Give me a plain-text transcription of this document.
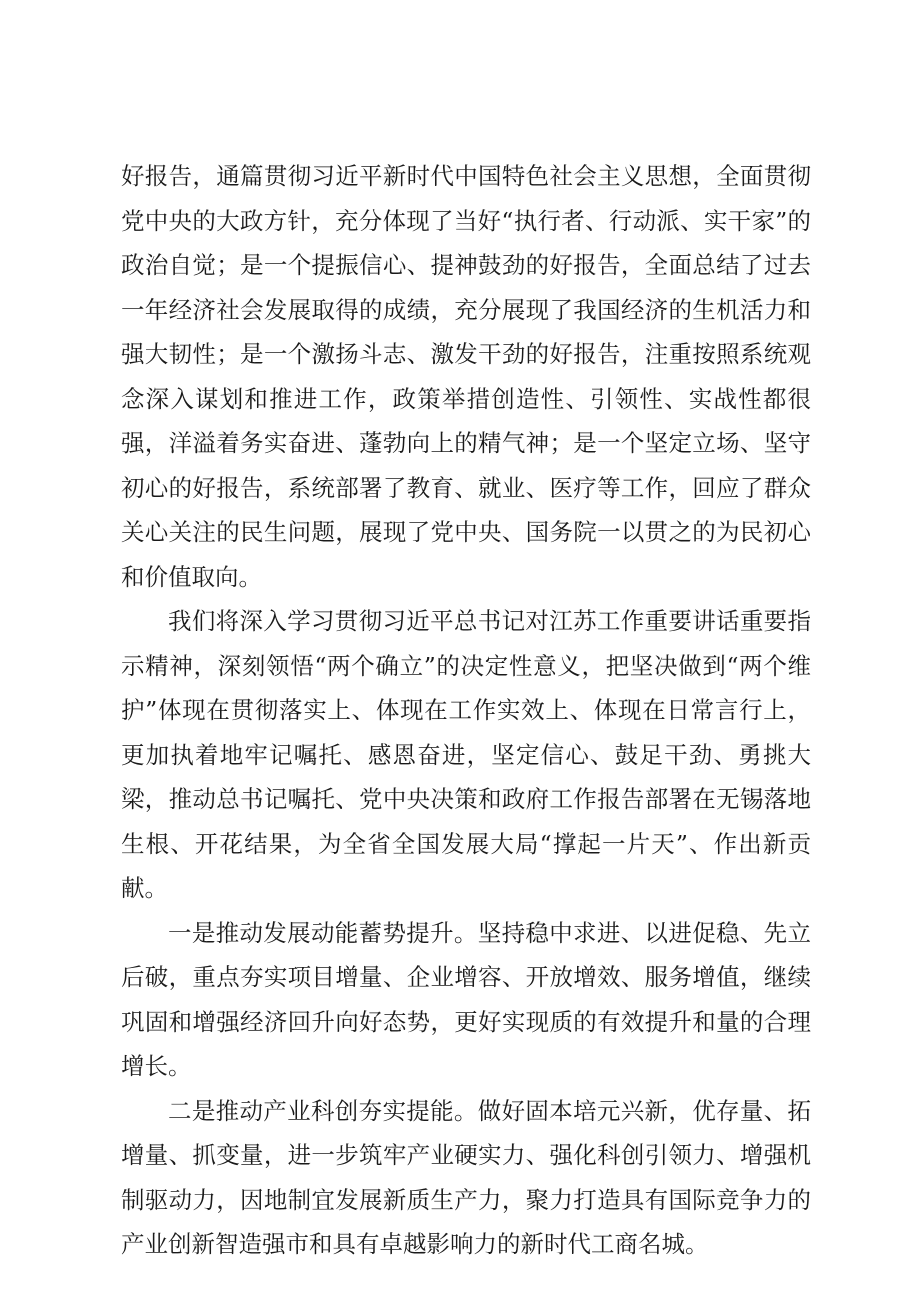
好报告，通篇贯彻习近平新时代中国特色社会主义思想，全面贯彻党中央的大政方针，充分体现了当好“执行者、行动派、实干家”的政治自觉；是一个提振信心、提神鼓劲的好报告，全面总结了过去一年经济社会发展取得的成绩，充分展现了我国经济的生机活力和强大韧性；是一个激扬斗志、激发干劲的好报告，注重按照系统观念深入谋划和推进工作，政策举措创造性、引领性、实战性都很强，洋溢着务实奋进、蓬勃向上的精气神；是一个坚定立场、坚守初心的好报告，系统部署了教育、就业、医疗等工作，回应了群众关心关注的民生问题，展现了党中央、国务院一以贯之的为民初心和价值取向。

我们将深入学习贯彻习近平总书记对江苏工作重要讲话重要指示精神，深刻领悟“两个确立”的决定性意义，把坚决做到“两个维护”体现在贯彻落实上、体现在工作实效上、体现在日常言行上，更加执着地牢记嘱托、感恩奋进，坚定信心、鼓足干劲、勇挑大梁，推动总书记嘱托、党中央决策和政府工作报告部署在无锡落地生根、开花结果，为全省全国发展大局“撑起一片天”、作出新贡献。

一是推动发展动能蓄势提升。坚持稳中求进、以进促稳、先立后破，重点夯实项目增量、企业增容、开放增效、服务增值，继续巩固和增强经济回升向好态势，更好实现质的有效提升和量的合理增长。

二是推动产业科创夯实提能。做好固本培元兴新，优存量、拓增量、抓变量，进一步筑牢产业硬实力、强化科创引领力、增强机制驱动力，因地制宜发展新质生产力，聚力打造具有国际竞争力的产业创新智造强市和具有卓越影响力的新时代工商名城。
